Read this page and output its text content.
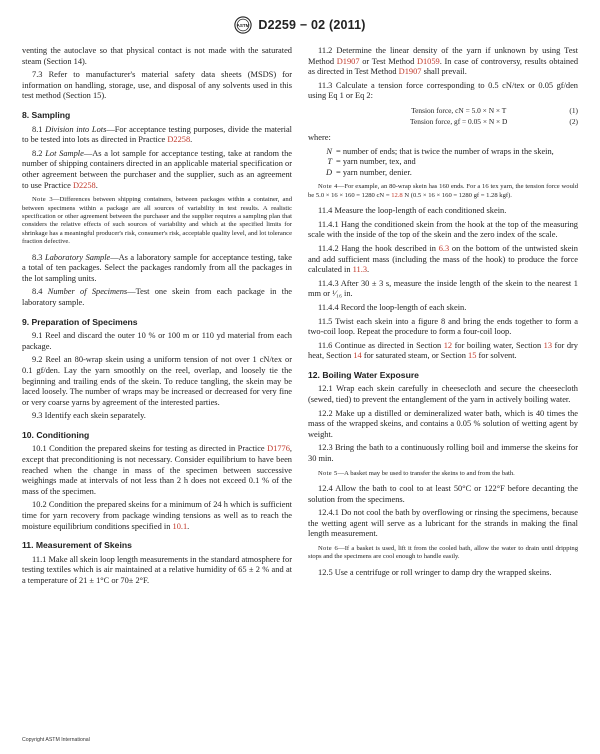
ASTM D2259 − 02 (2011)

venting the autoclave so that physical contact is not made with the saturated steam (Section 14).

7.3 Refer to manufacturer's material safety data sheets (MSDS) for information on handling, storage, use, and disposal of any solvents used in this test method (Section 15).

8. Sampling

8.1 Division into Lots—For acceptance testing purposes, divide the material to be tested into lots as directed in Practice D2258.

8.2 Lot Sample—As a lot sample for acceptance testing, take at random the number of shipping containers directed in an applicable material specification or other agreement between the purchaser and the supplier, such as an agreement to use Practice D2258.

Note 3—Differences between shipping containers, between packages within a container, and between specimens within a package are all sources of variability in test results. A realistic specification or other agreement between the purchaser and the supplier requires a sampling plan that considers the relative effects of such sources of variability and which at the specified limits for shrinkage has a meaningful producer's risk, consumer's risk, acceptable quality level, and lot tolerance fraction defective.

8.3 Laboratory Sample—As a laboratory sample for acceptance testing, take a total of ten packages. Select the packages randomly from all the packages in the lot sampling units.

8.4 Number of Specimens—Test one skein from each package in the laboratory sample.

9. Preparation of Specimens

9.1 Reel and discard the outer 10 % or 100 m or 110 yd material from each package.

9.2 Reel an 80-wrap skein using a uniform tension of not over 1 cN/tex or 0.1 gf/den. Lay the yarn smoothly on the reel, overlap, and loosely tie the beginning and trailing ends of the skein. To reduce tangling, the skein may be laced loosely. The number of wraps may be increased or decreased for very fine or very coarse yarns by agreement of the interested parties.

9.3 Identify each skein separately.

10. Conditioning

10.1 Condition the prepared skeins for testing as directed in Practice D1776, except that preconditioning is not necessary. Consider equilibrium to have been reached when the change in mass of the specimen between successive weighings made at intervals of not less than 2 h does not exceed 0.1 % of the mass of the specimen.

10.2 Condition the prepared skeins for a minimum of 24 h which is sufficient time for yarn recovery from package winding tensions as well as to reach the moisture equilibrium conditions specified in 10.1.

11. Measurement of Skeins

11.1 Make all skein loop length measurements in the standard atmosphere for testing textiles which is air maintained at a relative humidity of 65 ± 2 % and at a temperature of 21 ± 1°C or 70± 2°F.

11.2 Determine the linear density of the yarn if unknown by using Test Method D1907 or Test Method D1059. In case of controversy, results obtained as directed in Test Method D1907 shall prevail.

11.3 Calculate a tension force corresponding to 0.5 cN/tex or 0.05 gf/den using Eq 1 or Eq 2:

Tension force, cN = 5.0 × N × T	(1)
Tension force, gf = 0.05 × N × D	(2)

where:

N = number of ends; that is twice the number of wraps in the skein,
T = yarn number, tex, and
D = yarn number, denier.
Note 4—For example, an 80-wrap skein has 160 ends. For a 16 tex yarn, the tension force would be 5.0 × 16 × 160 = 1280 cN = 12.8 N (0.5 × 16 × 160 = 1280 gf = 1.28 kgf).

11.4 Measure the loop-length of each conditioned skein.

11.4.1 Hang the conditioned skein from the hook at the top of the measuring scale with the inside of the top of the skein and the zero index of the scale.

11.4.2 Hang the hook described in 6.3 on the bottom of the untwisted skein and add sufficient mass (including the mass of the hook) to produce the force calculated in 11.3.

11.4.3 After 30 ± 3 s, measure the inside length of the skein to the nearest 1 mm or ¹⁄₁₆ in.

11.4.4 Record the loop-length of each skein.

11.5 Twist each skein into a figure 8 and bring the ends together to form a two-coil loop. Repeat the procedure to form a four-coil loop.

11.6 Continue as directed in Section 12 for boiling water, Section 13 for dry heat, Section 14 for saturated steam, or Section 15 for solvent.

12. Boiling Water Exposure

12.1 Wrap each skein carefully in cheesecloth and secure the cheesecloth (sewed, tied) to prevent the entanglement of the yarn in actively boiling water.

12.2 Make up a distilled or demineralized water bath, which is 40 times the mass of the wrapped skeins, and contains a 0.05 % solution of wetting agent by weight.

12.3 Bring the bath to a continuously rolling boil and immerse the skeins for 30 min.

Note 5—A basket may be used to transfer the skeins to and from the bath.

12.4 Allow the bath to cool to at least 50°C or 122°F before decanting the solution from the specimens.

12.4.1 Do not cool the bath by overflowing or rinsing the specimens, because the wetting agent will serve as a lubricant for the strands in making the final length measurement.

Note 6—If a basket is used, lift it from the cooled bath, allow the water to drain until dripping stops and the specimens are cool enough to handle easily.

12.5 Use a centrifuge or roll wringer to damp dry the wrapped skeins.

Copyright ASTM International
